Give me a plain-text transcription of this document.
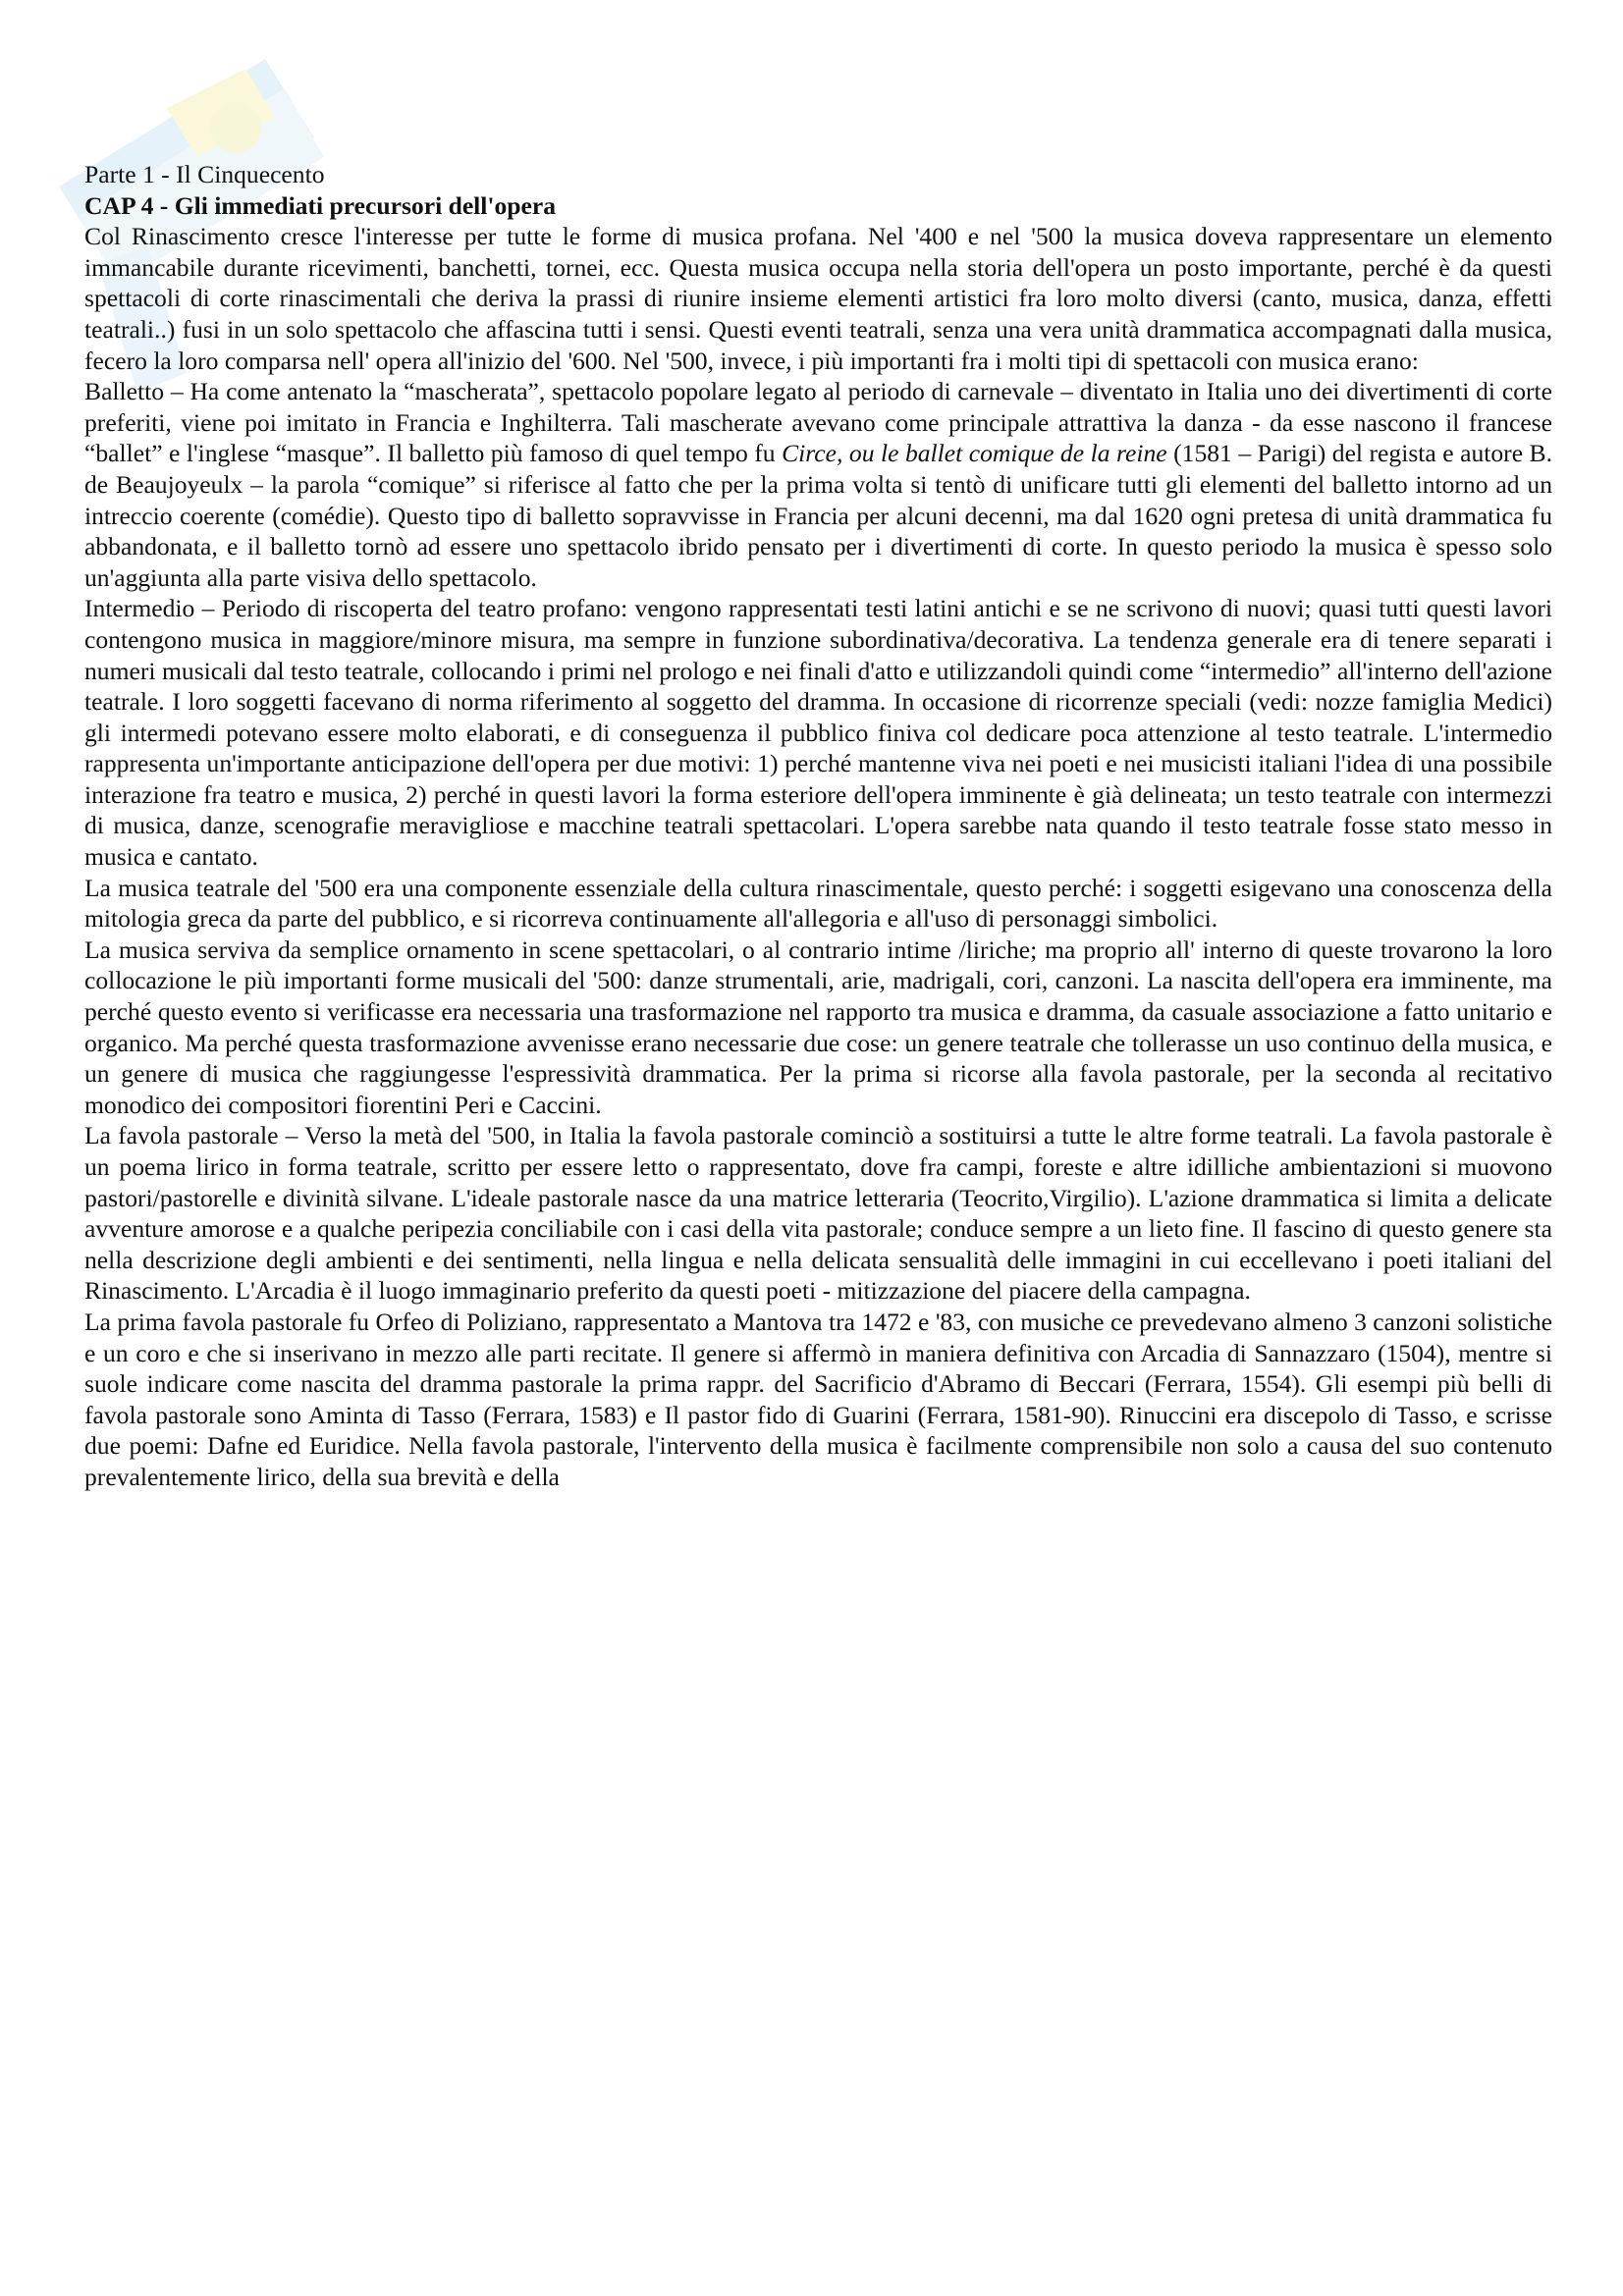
Parte 1 - Il Cinquecento

CAP 4 - Gli immediati precursori dell'opera

Col Rinascimento cresce l'interesse per tutte le forme di musica profana. Nel '400 e nel '500 la musica doveva rappresentare un elemento immancabile durante ricevimenti, banchetti, tornei, ecc. Questa musica occupa nella storia dell'opera un posto importante, perché è da questi spettacoli di corte rinascimentali che deriva la prassi di riunire insieme elementi artistici fra loro molto diversi (canto, musica, danza, effetti teatrali..) fusi in un solo spettacolo che affascina tutti i sensi. Questi eventi teatrali, senza una vera unità drammatica accompagnati dalla musica, fecero la loro comparsa nell' opera all'inizio del '600. Nel '500, invece, i più importanti fra i molti tipi di spettacoli con musica erano:

Balletto – Ha come antenato la “mascherata”, spettacolo popolare legato al periodo di carnevale – diventato in Italia uno dei divertimenti di corte preferiti, viene poi imitato in Francia e Inghilterra. Tali mascherate avevano come principale attrattiva la danza - da esse nascono il francese “ballet” e l'inglese “masque”. Il balletto più famoso di quel tempo fu Circe, ou le ballet comique de la reine (1581 – Parigi) del regista e autore B. de Beaujoyeulx – la parola “comique” si riferisce al fatto che per la prima volta si tentò di unificare tutti gli elementi del balletto intorno ad un intreccio coerente (comédie). Questo tipo di balletto sopravvisse in Francia per alcuni decenni, ma dal 1620 ogni pretesa di unità drammatica fu abbandonata, e il balletto tornò ad essere uno spettacolo ibrido pensato per i divertimenti di corte. In questo periodo la musica è spesso solo un'aggiunta alla parte visiva dello spettacolo.

Intermedio – Periodo di riscoperta del teatro profano: vengono rappresentati testi latini antichi e se ne scrivono di nuovi; quasi tutti questi lavori contengono musica in maggiore/minore misura, ma sempre in funzione subordinativa/decorativa. La tendenza generale era di tenere separati i numeri musicali dal testo teatrale, collocando i primi nel prologo e nei finali d'atto e utilizzandoli quindi come “intermedio” all'interno dell'azione teatrale. I loro soggetti facevano di norma riferimento al soggetto del dramma. In occasione di ricorrenze speciali (vedi: nozze famiglia Medici) gli intermedi potevano essere molto elaborati, e di conseguenza il pubblico finiva col dedicare poca attenzione al testo teatrale. L'intermedio rappresenta un'importante anticipazione dell'opera per due motivi: 1) perché mantenne viva nei poeti e nei musicisti italiani l'idea di una possibile interazione fra teatro e musica, 2) perché in questi lavori la forma esteriore dell'opera imminente è già delineata; un testo teatrale con intermezzi di musica, danze, scenografie meravigliose e macchine teatrali spettacolari. L'opera sarebbe nata quando il testo teatrale fosse stato messo in musica e cantato.

La musica teatrale del '500 era una componente essenziale della cultura rinascimentale, questo perché: i soggetti esigevano una conoscenza della mitologia greca da parte del pubblico, e si ricorreva continuamente all'allegoria e all'uso di personaggi simbolici.

La musica serviva da semplice ornamento in scene spettacolari, o al contrario intime /liriche; ma proprio all' interno di queste trovarono la loro collocazione le più importanti forme musicali del '500: danze strumentali, arie, madrigali, cori, canzoni. La nascita dell'opera era imminente, ma perché questo evento si verificasse era necessaria una trasformazione nel rapporto tra musica e dramma, da casuale associazione a fatto unitario e organico. Ma perché questa trasformazione avvenisse erano necessarie due cose: un genere teatrale che tollerasse un uso continuo della musica, e un genere di musica che raggiungesse l'espressività drammatica. Per la prima si ricorse alla favola pastorale, per la seconda al recitativo monodico dei compositori fiorentini Peri e Caccini.

La favola pastorale – Verso la metà del '500, in Italia la favola pastorale cominciò a sostituirsi a tutte le altre forme teatrali. La favola pastorale è un poema lirico in forma teatrale, scritto per essere letto o rappresentato, dove fra campi, foreste e altre idilliche ambientazioni si muovono pastori/pastorelle e divinità silvane. L'ideale pastorale nasce da una matrice letteraria (Teocrito,Virgilio). L'azione drammatica si limita a delicate avventure amorose e a qualche peripezia conciliabile con i casi della vita pastorale; conduce sempre a un lieto fine. Il fascino di questo genere sta nella descrizione degli ambienti e dei sentimenti, nella lingua e nella delicata sensualità delle immagini in cui eccellevano i poeti italiani del Rinascimento. L'Arcadia è il luogo immaginario preferito da questi poeti - mitizzazione del piacere della campagna.

La prima favola pastorale fu Orfeo di Poliziano, rappresentato a Mantova tra 1472 e '83, con musiche ce prevedevano almeno 3 canzoni solistiche e un coro e che si inserivano in mezzo alle parti recitate. Il genere si affermò in maniera definitiva con Arcadia di Sannazzaro (1504), mentre si suole indicare come nascita del dramma pastorale la prima rappr. del Sacrificio d'Abramo di Beccari (Ferrara, 1554). Gli esempi più belli di favola pastorale sono Aminta di Tasso (Ferrara, 1583) e Il pastor fido di Guarini (Ferrara, 1581-90). Rinuccini era discepolo di Tasso, e scrisse due poemi: Dafne ed Euridice. Nella favola pastorale, l'intervento della musica è facilmente comprensibile non solo a causa del suo contenuto prevalentemente lirico, della sua brevità e della
